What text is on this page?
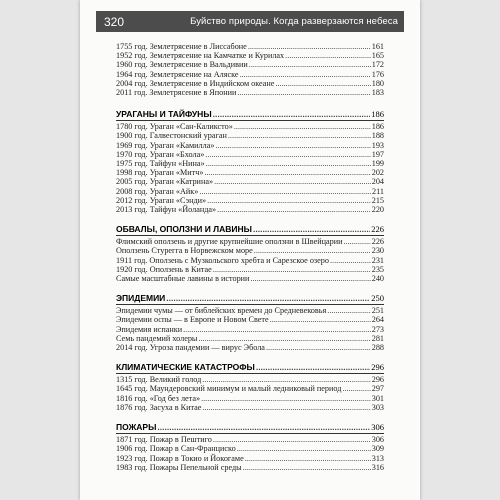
320	Буйство природы. Когда разверзаются небеса
1755 год. Землетрясение в Лиссабоне .....	161
1952 год. Землетрясение на Камчатке и Курилах .....	165
1960 год. Землетрясение в Вальдивии .....	172
1964 год. Землетрясение на Аляске .....	176
2004 год. Землетрясение в Индийском океане .....	180
2011 год. Землетрясение в Японии .....	183
УРАГАНЫ И ТАЙФУНЫ .....	186
1780 год. Ураган «Сан-Каликсто» .....	186
1900 год. Галвестонский ураган .....	188
1969 год. Ураган «Камилла» .....	193
1970 год. Ураган «Бхола» .....	197
1975 год. Тайфун «Нина» .....	199
1998 год. Ураган «Митч» .....	202
2005 год. Ураган «Катрина» .....	204
2008 год. Ураган «Айк» .....	211
2012 год. Ураган «Сэнди» .....	215
2013 год. Тайфун «Йоланда» .....	220
ОБВАЛЫ, ОПОЛЗНИ И ЛАВИНЫ .....	226
Флимский оползень и другие крупнейшие оползни в Швейцарии .....	226
Оползень Стурегга в Норвежском море .....	230
1911 год. Оползень с Музкольского хребта и Сарезское озеро .....	231
1920 год. Оползень в Китае .....	235
Самые масштабные лавины в истории .....	240
ЭПИДЕМИИ .....	250
Эпидемии чумы — от библейских времен до Средневековья .....	251
Эпидемии оспы — в Европе и Новом Свете .....	264
Эпидемия испанки .....	273
Семь пандемий холеры .....	281
2014 год. Угроза пандемии — вирус Эбола .....	288
КЛИМАТИЧЕСКИЕ КАТАСТРОФЫ .....	296
1315 год. Великий голод .....	296
1645 год. Маундеровский минимум и малый ледниковый период .....	297
1816 год. «Год без лета» .....	301
1876 год. Засуха в Китае .....	303
ПОЖАРЫ .....	306
1871 год. Пожар в Пештиго .....	306
1906 год. Пожар в Сан-Франциско .....	309
1923 год. Пожар в Токио и Йокогаме .....	313
1983 год. Пожары Пепельной среды .....	316
